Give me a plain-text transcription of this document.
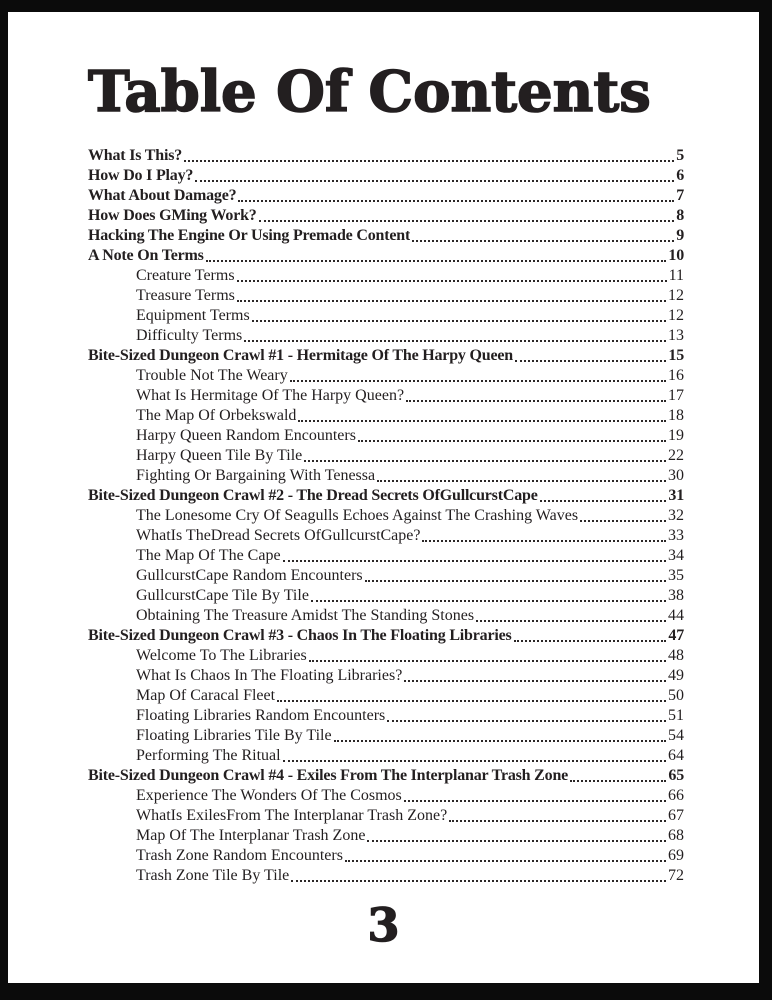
Table Of Contents
What Is This?	5
How Do I Play?	6
What About Damage?	7
How Does GMing Work?	8
Hacking The Engine Or Using Premade Content	9
A Note On Terms	10
Creature Terms	11
Treasure Terms	12
Equipment Terms	12
Difficulty Terms	13
Bite-Sized Dungeon Crawl #1 - Hermitage Of The Harpy Queen	15
Trouble Not The Weary	16
What Is Hermitage Of The Harpy Queen?	17
The Map Of Orbekswald	18
Harpy Queen Random Encounters	19
Harpy Queen Tile By Tile	22
Fighting Or Bargaining With Tenessa	30
Bite-Sized Dungeon Crawl #2 - The Dread Secrets OfGullcurstCape	31
The Lonesome Cry Of Seagulls Echoes Against The Crashing Waves	32
WhatIs TheDread Secrets OfGullcurstCape?	33
The Map Of The Cape	34
GullcurstCape Random Encounters	35
GullcurstCape Tile By Tile	38
Obtaining The Treasure Amidst The Standing Stones	44
Bite-Sized Dungeon Crawl #3 - Chaos In The Floating Libraries	47
Welcome To The Libraries	48
What Is Chaos In The Floating Libraries?	49
Map Of Caracal Fleet	50
Floating Libraries Random Encounters	51
Floating Libraries Tile By Tile	54
Performing The Ritual	64
Bite-Sized Dungeon Crawl #4 - Exiles From The Interplanar Trash Zone	65
Experience The Wonders Of The Cosmos	66
WhatIs ExilesFrom The Interplanar Trash Zone?	67
Map Of The Interplanar Trash Zone	68
Trash Zone Random Encounters	69
Trash Zone Tile By Tile	72
3
